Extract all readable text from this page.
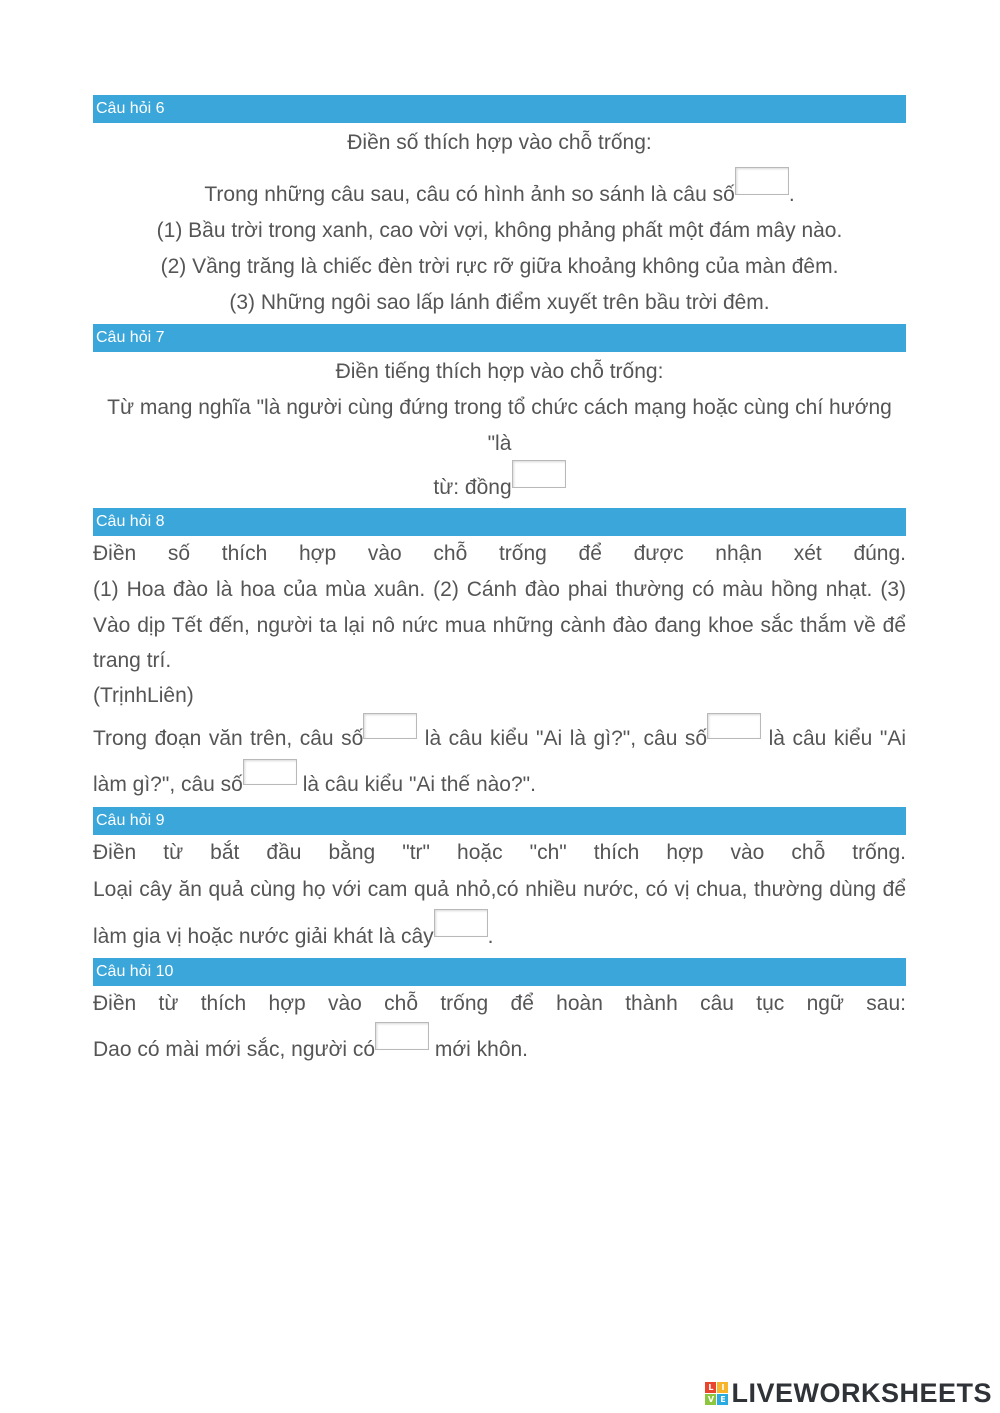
Câu hỏi 6
Điền số thích hợp vào chỗ trống:
Trong những câu sau, câu có hình ảnh so sánh là câu số	.
(1) Bầu trời trong xanh, cao vời vợi, không phảng phất một đám mây nào.
(2) Vầng trăng là chiếc đèn trời rực rỡ giữa khoảng không của màn đêm.
(3) Những ngôi sao lấp lánh điểm xuyết trên bầu trời đêm.
Câu hỏi 7
Điền tiếng thích hợp vào chỗ trống:
Từ mang nghĩa "là người cùng đứng trong tổ chức cách mạng hoặc cùng chí hướng "là
từ: đồng
Câu hỏi 8
Điền số thích hợp vào chỗ trống để được nhận xét đúng.
(1) Hoa đào là hoa của mùa xuân. (2) Cánh đào phai thường có màu hồng nhạt. (3) Vào dịp Tết đến, người ta lại nô nức mua những cành đào đang khoe sắc thắm về để trang trí.
(TrịnhLiên)
Trong đoạn văn trên, câu số	là câu kiểu "Ai là gì?", câu số	là câu kiểu "Ai làm gì?", câu số	là câu kiểu "Ai thế nào?".
Câu hỏi 9
Điền từ bắt đầu bằng "tr" hoặc "ch" thích hợp vào chỗ trống.
Loại cây ăn quả cùng họ với cam quả nhỏ,có nhiều nước, có vị chua, thường dùng để làm gia vị hoặc nước giải khát là cây	.
Câu hỏi 10
Điền từ thích hợp vào chỗ trống để hoàn thành câu tục ngữ sau:
Dao có mài mới sắc, người có	mới khôn.
L I
V E LIVEWORKSHEETS
